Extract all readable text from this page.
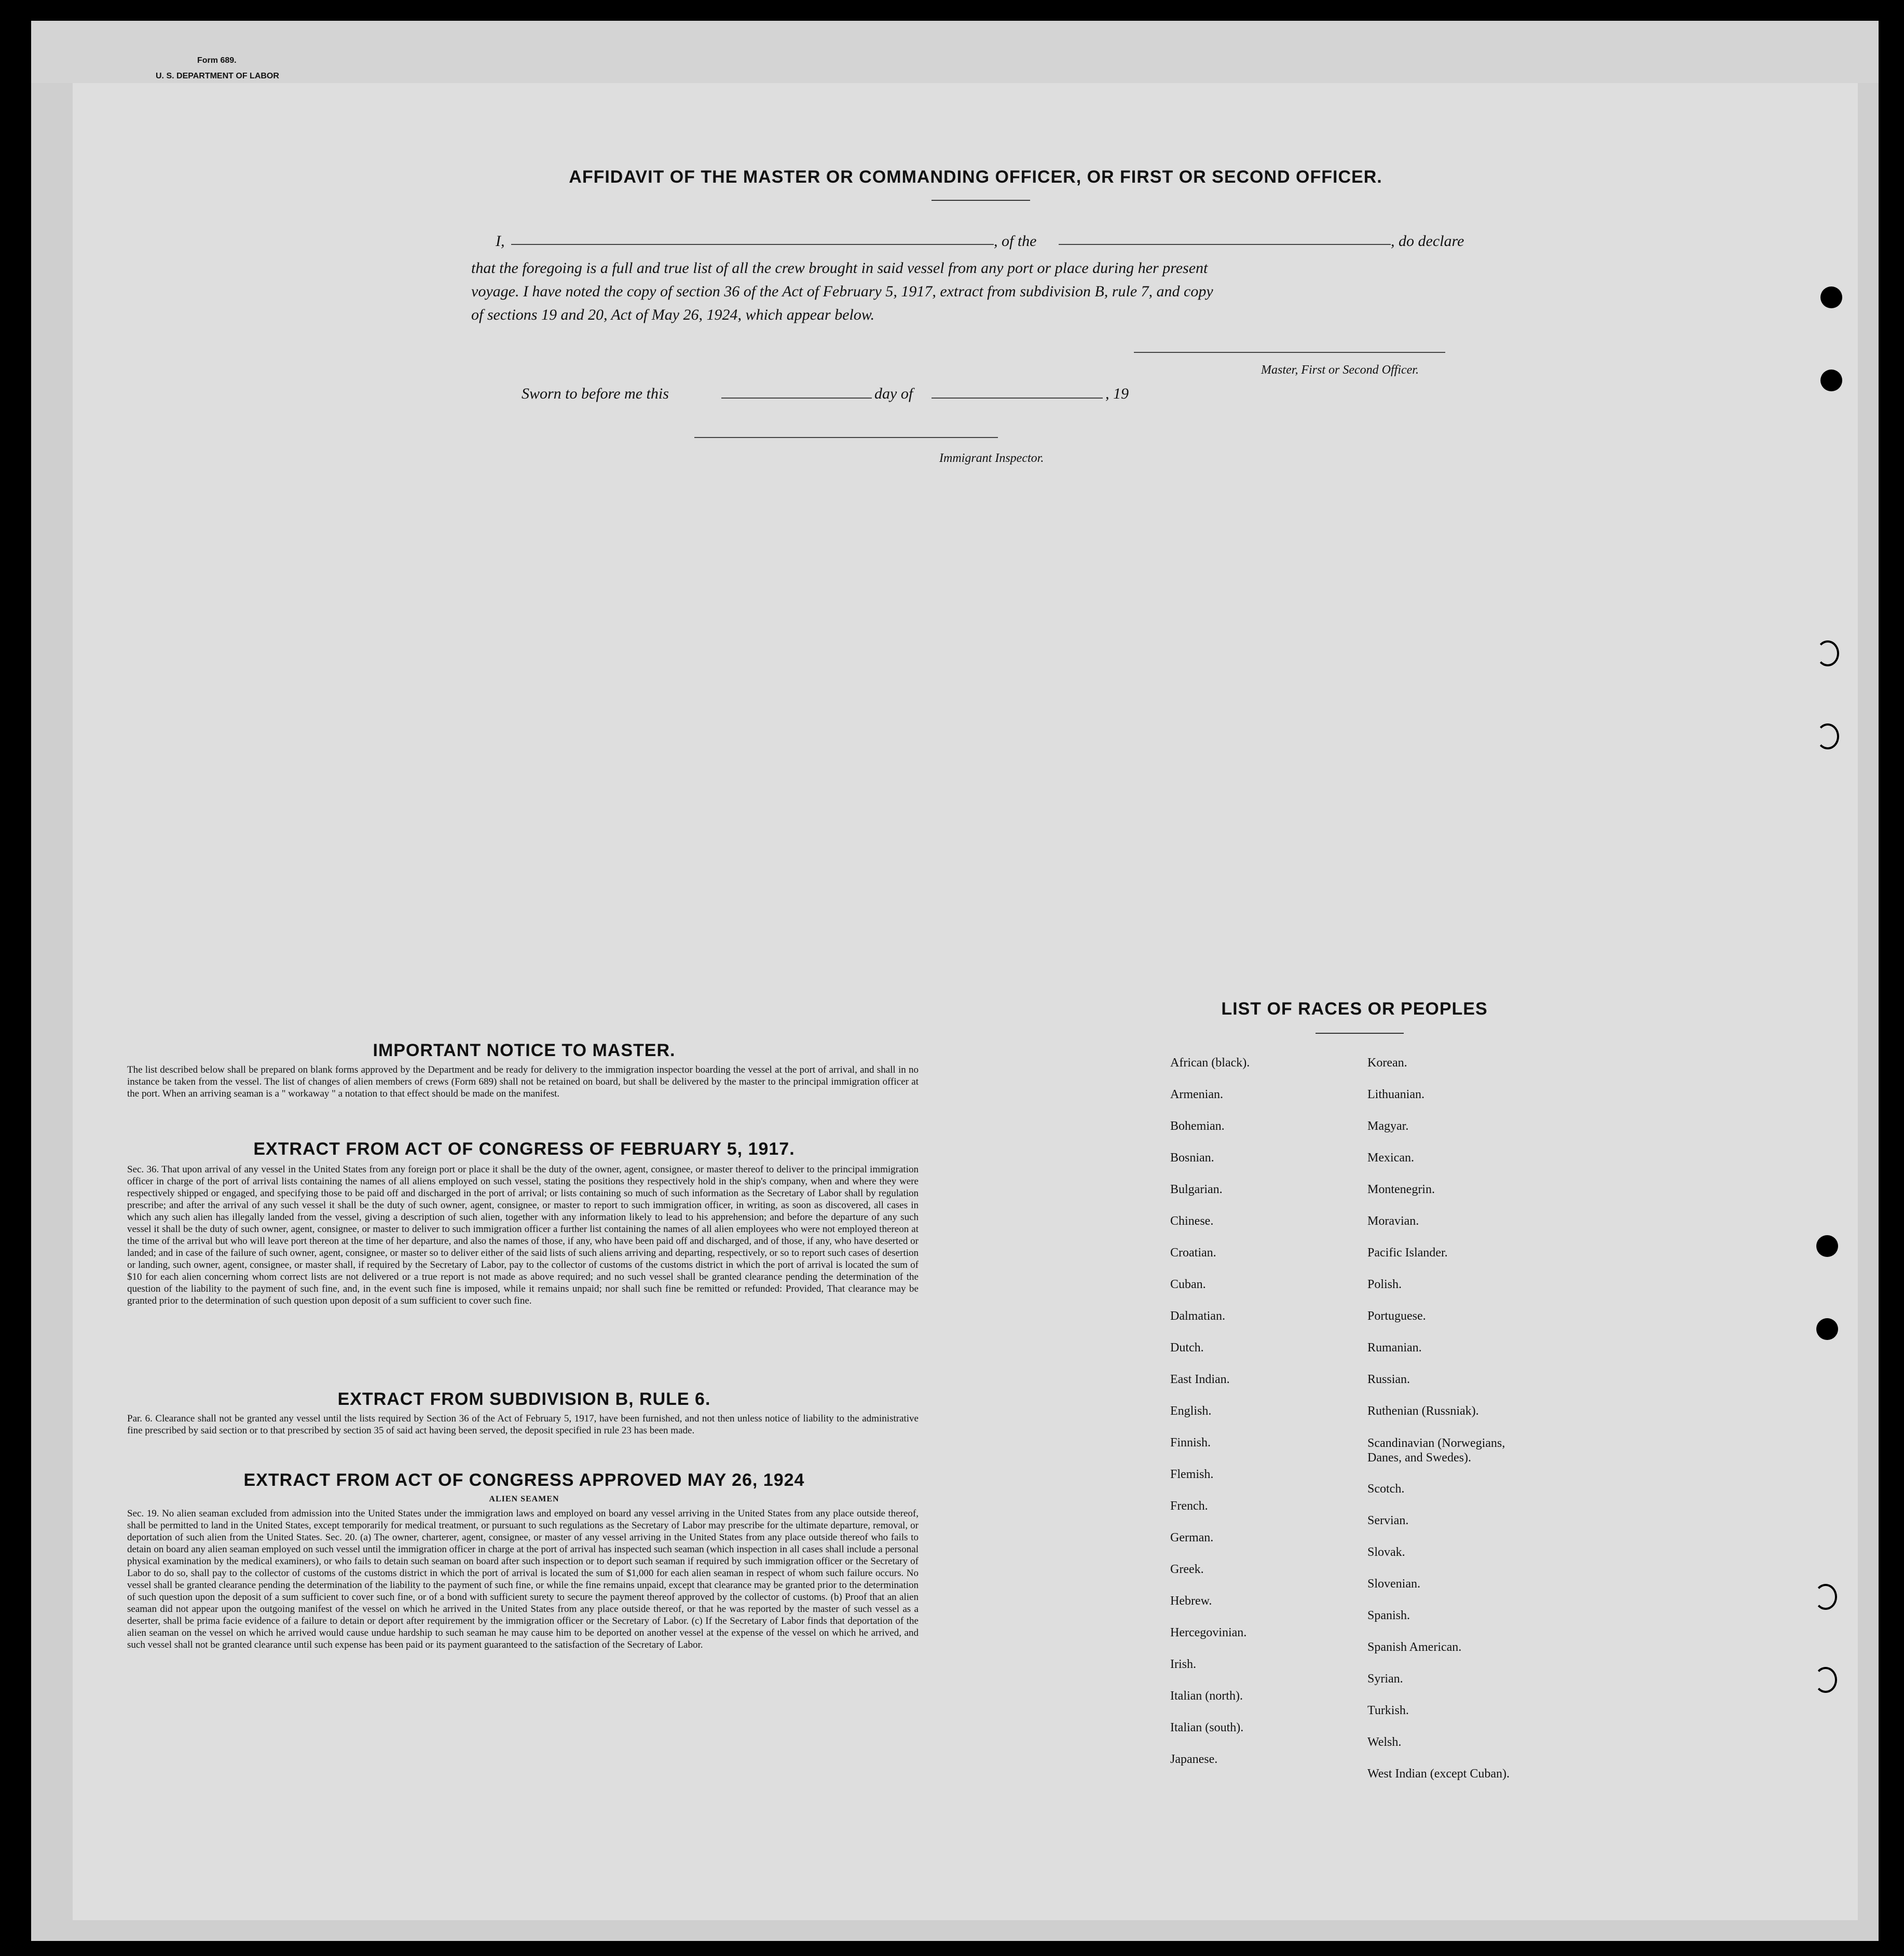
Form 689.
U. S. DEPARTMENT OF LABOR
AFFIDAVIT OF THE MASTER OR COMMANDING OFFICER, OR FIRST OR SECOND OFFICER.
I,	, of the	, do declare
that the foregoing is a full and true list of all the crew brought in said vessel from any port or place during her present
voyage. I have noted the copy of section 36 of the Act of February 5, 1917, extract from subdivision B, rule 7, and copy
of sections 19 and 20, Act of May 26, 1924, which appear below.
Master, First or Second Officer.
Sworn to before me this	day of	, 19
Immigrant Inspector.
IMPORTANT NOTICE TO MASTER.
The list described below shall be prepared on blank forms approved by the Department and be ready for delivery to the immigration inspector boarding the vessel at the port of arrival, and shall in no instance be taken from the vessel. The list of changes of alien members of crews (Form 689) shall not be retained on board, but shall be delivered by the master to the principal immigration officer at the port. When an arriving seaman is a " workaway " a notation to that effect should be made on the manifest.
EXTRACT FROM ACT OF CONGRESS OF FEBRUARY 5, 1917.
Sec. 36. That upon arrival of any vessel in the United States from any foreign port or place it shall be the duty of the owner, agent, consignee, or master thereof to deliver to the principal immigration officer in charge of the port of arrival lists containing the names of all aliens employed on such vessel, stating the positions they respectively hold in the ship's company, when and where they were respectively shipped or engaged, and specifying those to be paid off and discharged in the port of arrival; or lists containing so much of such information as the Secretary of Labor shall by regulation prescribe; and after the arrival of any such vessel it shall be the duty of such owner, agent, consignee, or master to report to such immigration officer, in writing, as soon as discovered, all cases in which any such alien has illegally landed from the vessel, giving a description of such alien, together with any information likely to lead to his apprehension; and before the departure of any such vessel it shall be the duty of such owner, agent, consignee, or master to deliver to such immigration officer a further list containing the names of all alien employees who were not employed thereon at the time of the arrival but who will leave port thereon at the time of her departure, and also the names of those, if any, who have been paid off and discharged, and of those, if any, who have deserted or landed; and in case of the failure of such owner, agent, consignee, or master so to deliver either of the said lists of such aliens arriving and departing, respectively, or so to report such cases of desertion or landing, such owner, agent, consignee, or master shall, if required by the Secretary of Labor, pay to the collector of customs of the customs district in which the port of arrival is located the sum of $10 for each alien concerning whom correct lists are not delivered or a true report is not made as above required; and no such vessel shall be granted clearance pending the determination of the question of the liability to the payment of such fine, and, in the event such fine is imposed, while it remains unpaid; nor shall such fine be remitted or refunded: Provided, That clearance may be granted prior to the determination of such question upon deposit of a sum sufficient to cover such fine.
EXTRACT FROM SUBDIVISION B, RULE 6.
Par. 6. Clearance shall not be granted any vessel until the lists required by Section 36 of the Act of February 5, 1917, have been furnished, and not then unless notice of liability to the administrative fine prescribed by said section or to that prescribed by section 35 of said act having been served, the deposit specified in rule 23 has been made.
EXTRACT FROM ACT OF CONGRESS APPROVED MAY 26, 1924
ALIEN SEAMEN
Sec. 19. No alien seaman excluded from admission into the United States under the immigration laws and employed on board any vessel arriving in the United States from any place outside thereof, shall be permitted to land in the United States, except temporarily for medical treatment, or pursuant to such regulations as the Secretary of Labor may prescribe for the ultimate departure, removal, or deportation of such alien from the United States. Sec. 20. (a) The owner, charterer, agent, consignee, or master of any vessel arriving in the United States from any place outside thereof who fails to detain on board any alien seaman employed on such vessel until the immigration officer in charge at the port of arrival has inspected such seaman (which inspection in all cases shall include a personal physical examination by the medical examiners), or who fails to detain such seaman on board after such inspection or to deport such seaman if required by such immigration officer or the Secretary of Labor to do so, shall pay to the collector of customs of the customs district in which the port of arrival is located the sum of $1,000 for each alien seaman in respect of whom such failure occurs. No vessel shall be granted clearance pending the determination of the liability to the payment of such fine, or while the fine remains unpaid, except that clearance may be granted prior to the determination of such question upon the deposit of a sum sufficient to cover such fine, or of a bond with sufficient surety to secure the payment thereof approved by the collector of customs. (b) Proof that an alien seaman did not appear upon the outgoing manifest of the vessel on which he arrived in the United States from any place outside thereof, or that he was reported by the master of such vessel as a deserter, shall be prima facie evidence of a failure to detain or deport after requirement by the immigration officer or the Secretary of Labor. (c) If the Secretary of Labor finds that deportation of the alien seaman on the vessel on which he arrived would cause undue hardship to such seaman he may cause him to be deported on another vessel at the expense of the vessel on which he arrived, and such vessel shall not be granted clearance until such expense has been paid or its payment guaranteed to the satisfaction of the Secretary of Labor.
LIST OF RACES OR PEOPLES
African (black).
Armenian.
Bohemian.
Bosnian.
Bulgarian.
Chinese.
Croatian.
Cuban.
Dalmatian.
Dutch.
East Indian.
English.
Finnish.
Flemish.
French.
German.
Greek.
Hebrew.
Hercegovinian.
Irish.
Italian (north).
Italian (south).
Japanese.
Korean.
Lithuanian.
Magyar.
Mexican.
Montenegrin.
Moravian.
Pacific Islander.
Polish.
Portuguese.
Rumanian.
Russian.
Ruthenian (Russniak).
Scandinavian (Norwegians, Danes, and Swedes).
Scotch.
Servian.
Slovak.
Slovenian.
Spanish.
Spanish American.
Syrian.
Turkish.
Welsh.
West Indian (except Cuban).
